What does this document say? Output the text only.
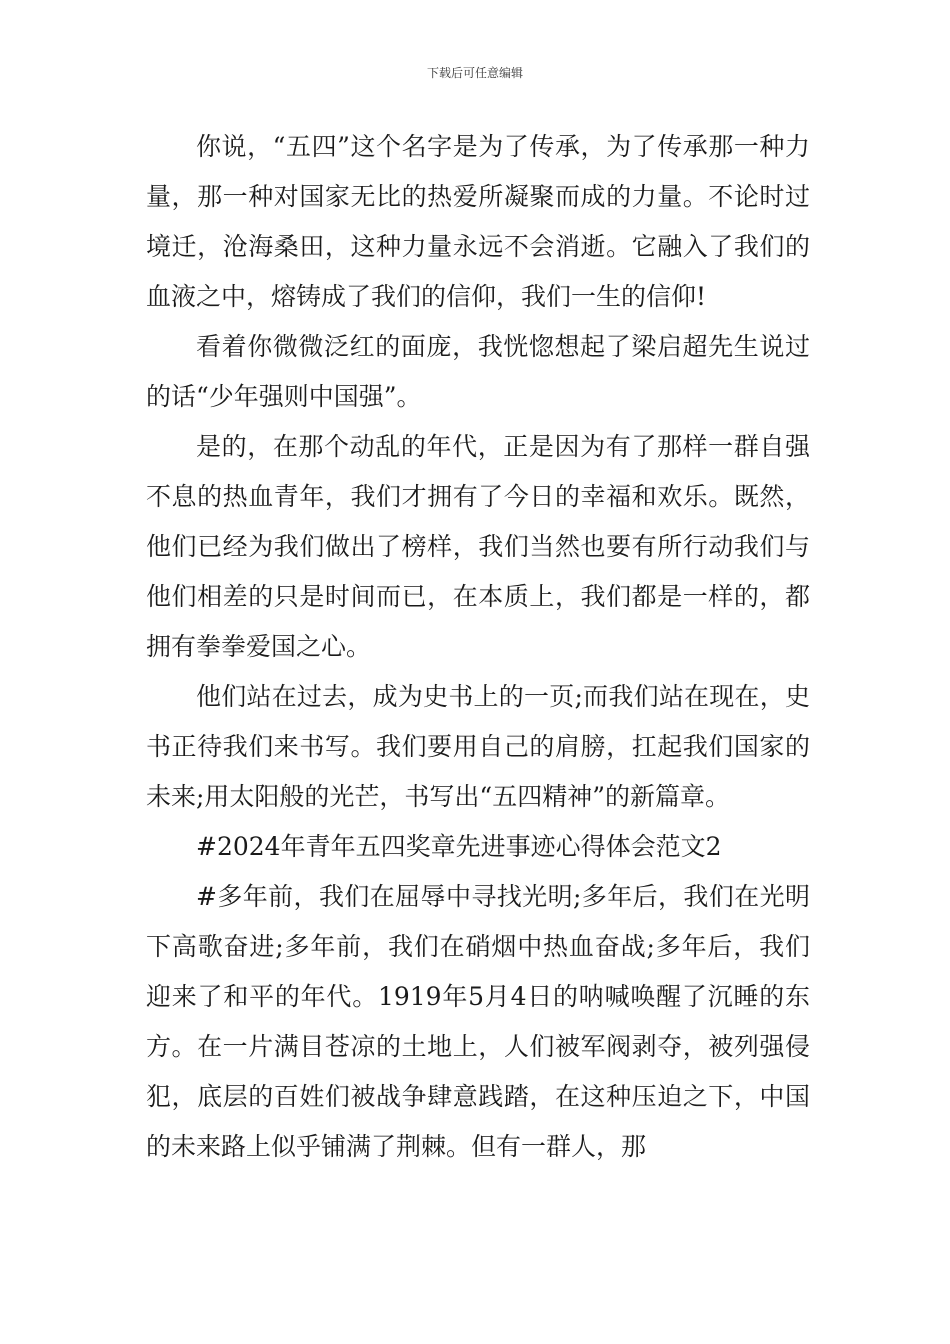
下载后可任意编辑

你说，“五四”这个名字是为了传承，为了传承那一种力量，那一种对国家无比的热爱所凝聚而成的力量。不论时过境迁，沧海桑田，这种力量永远不会消逝。它融入了我们的血液之中，熔铸成了我们的信仰，我们一生的信仰!

看着你微微泛红的面庞，我恍惚想起了梁启超先生说过的话“少年强则中国强”。

是的，在那个动乱的年代，正是因为有了那样一群自强不息的热血青年，我们才拥有了今日的幸福和欢乐。既然，他们已经为我们做出了榜样，我们当然也要有所行动我们与他们相差的只是时间而已，在本质上，我们都是一样的，都拥有拳拳爱国之心。

他们站在过去，成为史书上的一页;而我们站在现在，史书正待我们来书写。我们要用自己的肩膀，扛起我们国家的未来;用太阳般的光芒，书写出“五四精神”的新篇章。

#2024年青年五四奖章先进事迹心得体会范文2

#多年前，我们在屈辱中寻找光明;多年后，我们在光明下高歌奋进;多年前，我们在硝烟中热血奋战;多年后，我们迎来了和平的年代。1919年5月4日的呐喊唤醒了沉睡的东方。在一片满目苍凉的土地上，人们被军阀剥夺，被列强侵犯，底层的百姓们被战争肆意践踏，在这种压迫之下，中国的未来路上似乎铺满了荆棘。但有一群人，那
